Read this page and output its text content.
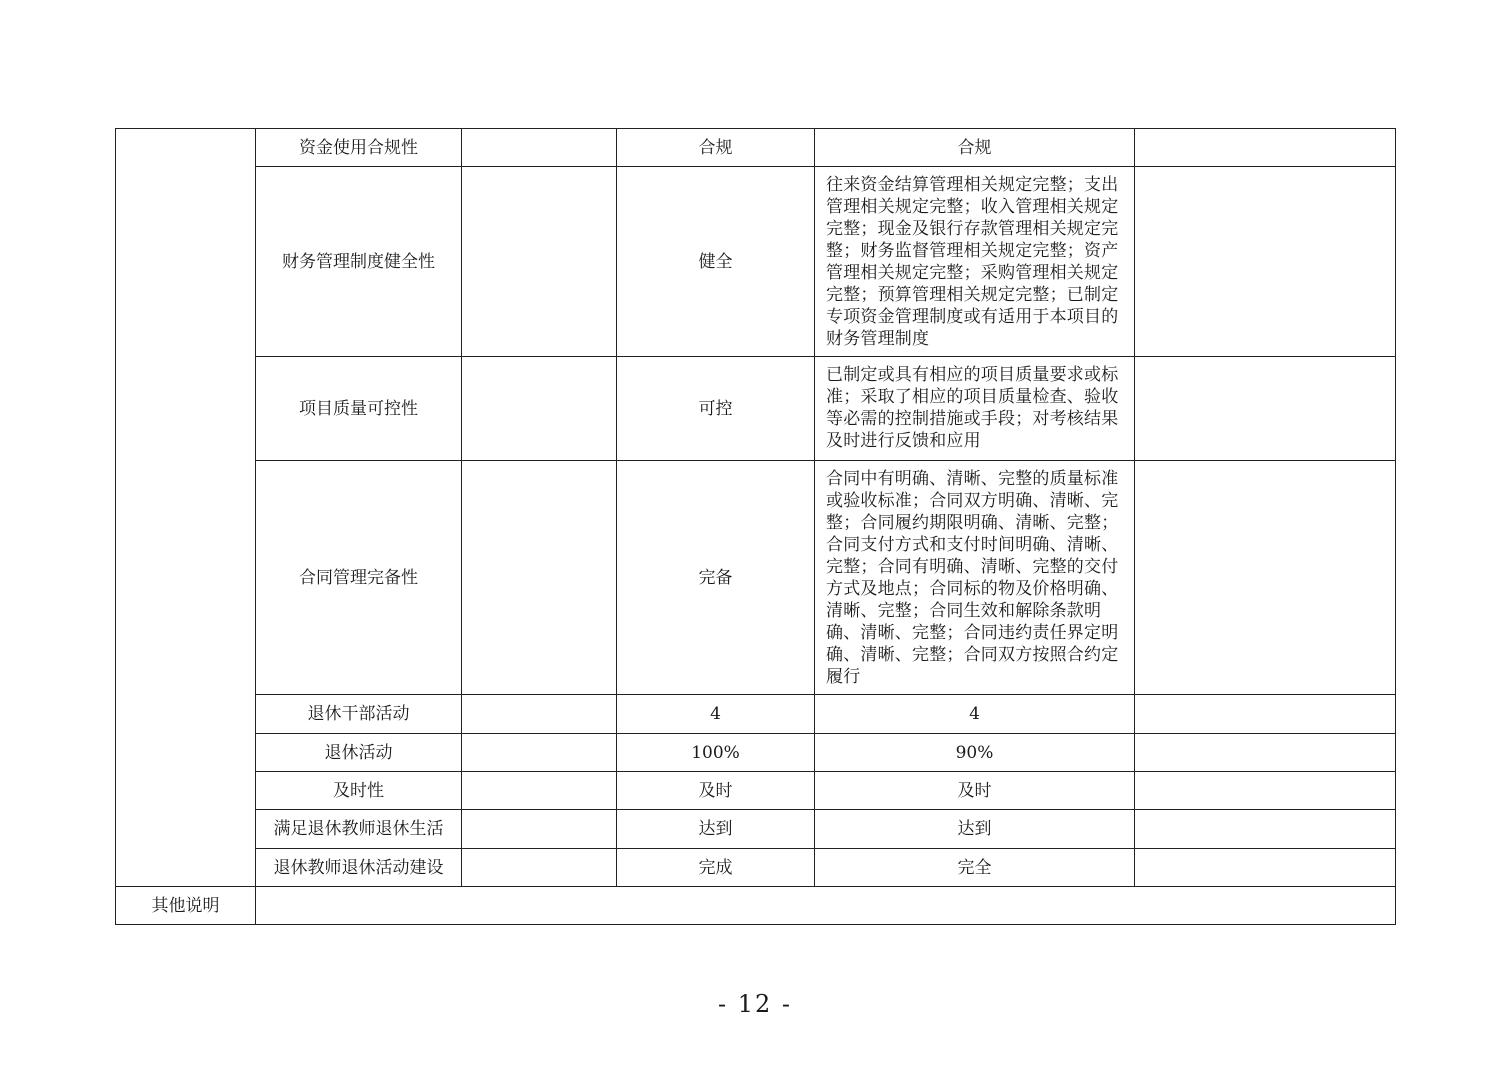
	资金使用合规性		合规	合规	
	财务管理制度健全性		健全	往来资金结算管理相关规定完整；支出管理相关规定完整；收入管理相关规定完整；现金及银行存款管理相关规定完整；财务监督管理相关规定完整；资产管理相关规定完整；采购管理相关规定完整；预算管理相关规定完整；已制定专项资金管理制度或有适用于本项目的财务管理制度	
	项目质量可控性		可控	已制定或具有相应的项目质量要求或标准；采取了相应的项目质量检查、验收等必需的控制措施或手段；对考核结果及时进行反馈和应用	
	合同管理完备性		完备	合同中有明确、清晰、完整的质量标准或验收标准；合同双方明确、清晰、完整；合同履约期限明确、清晰、完整；合同支付方式和支付时间明确、清晰、完整；合同有明确、清晰、完整的交付方式及地点；合同标的物及价格明确、清晰、完整；合同生效和解除条款明确、清晰、完整；合同违约责任界定明确、清晰、完整；合同双方按照合约定履行	
	退休干部活动		4	4	
	退休活动		100%	90%	
	及时性		及时	及时	
	满足退休教师退休生活		达到	达到	
	退休教师退休活动建设		完成	完全	
其他说明					
- 12 -
